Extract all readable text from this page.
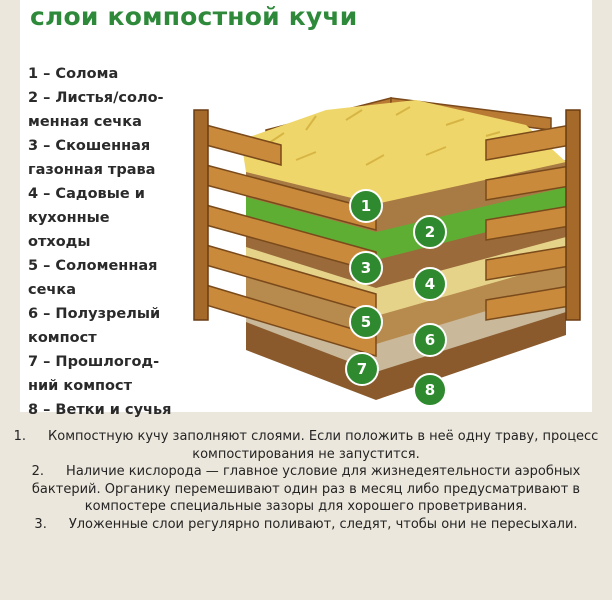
слои компостной кучи
1 – Солома
2 – Листья/соло-
менная сечка
3 – Скошенная
газонная трава
4 – Садовые и
кухонные
отходы
5 – Соломенная
сечка
6 – Полузрелый
компост
7 – Прошлогод-
ний компост
8 – Ветки и сучья
1
2
3
4
5
6
7
8
1. Компостную кучу заполняют слоями. Если положить в неё одну траву, процесс компостирования не запустится.
2. Наличие кислорода — главное условие для жизнедеятельности аэробных бактерий. Органику перемешивают один раз в месяц либо предусматривают в компостере специальные зазоры для хорошего проветривания.
3. Уложенные слои регулярно поливают, следят, чтобы они не пересыхали.
